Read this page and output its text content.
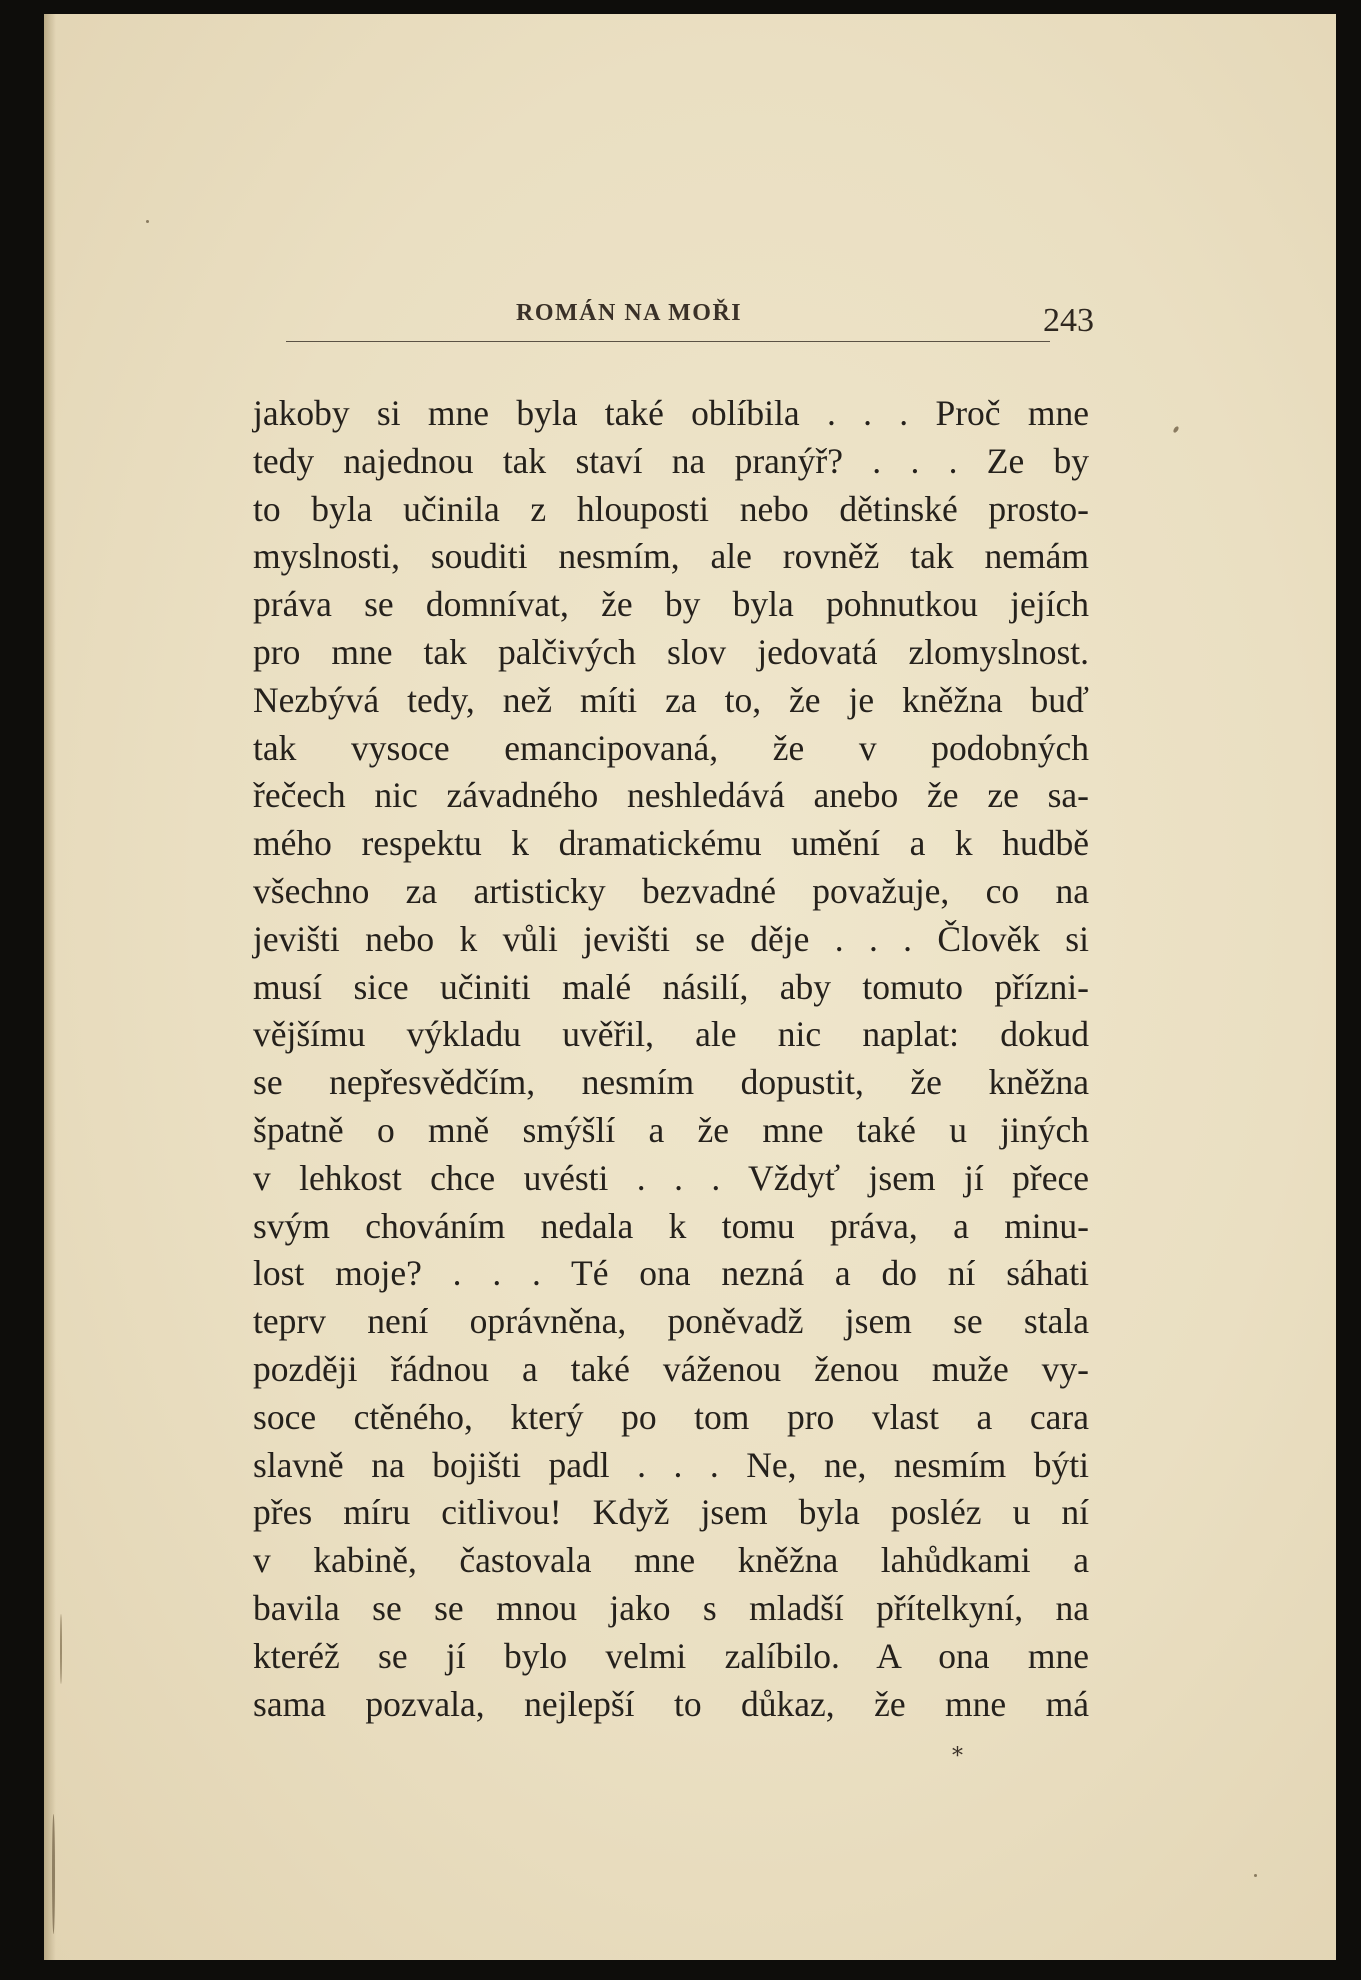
ROMÁN NA MOŘI	243
jakoby si mne byla také oblíbila . . . Proč mne
tedy najednou tak staví na pranýř? . . . Ze by
to byla učinila z hlouposti nebo dětinské prosto-
myslnosti, souditi nesmím, ale rovněž tak nemám
práva se domnívat, že by byla pohnutkou jejích
pro mne tak palčivých slov jedovatá zlomyslnost.
Nezbývá tedy, než míti za to, že je kněžna buď
tak vysoce emancipovaná, že v podobných
řečech nic závadného neshledává anebo že ze sa-
mého respektu k dramatickému umění a k hudbě
všechno za artisticky bezvadné považuje, co na
jevišti nebo k vůli jevišti se děje . . . Člověk si
musí sice učiniti malé násilí, aby tomuto přízni-
vějšímu výkladu uvěřil, ale nic naplat: dokud
se nepřesvědčím, nesmím dopustit, že kněžna
špatně o mně smýšlí a že mne také u jiných
v lehkost chce uvésti . . . Vždyť jsem jí přece
svým chováním nedala k tomu práva, a minu-
lost moje? . . . Té ona nezná a do ní sáhati
teprv není oprávněna, poněvadž jsem se stala
později řádnou a také váženou ženou muže vy-
soce ctěného, který po tom pro vlast a cara
slavně na bojišti padl . . . Ne, ne, nesmím býti
přes míru citlivou! Když jsem byla posléz u ní
v kabině, častovala mne kněžna lahůdkami a
bavila se se mnou jako s mladší přítelkyní, na
kteréž se jí bylo velmi zalíbilo. A ona mne
sama pozvala, nejlepší to důkaz, že mne má
*
